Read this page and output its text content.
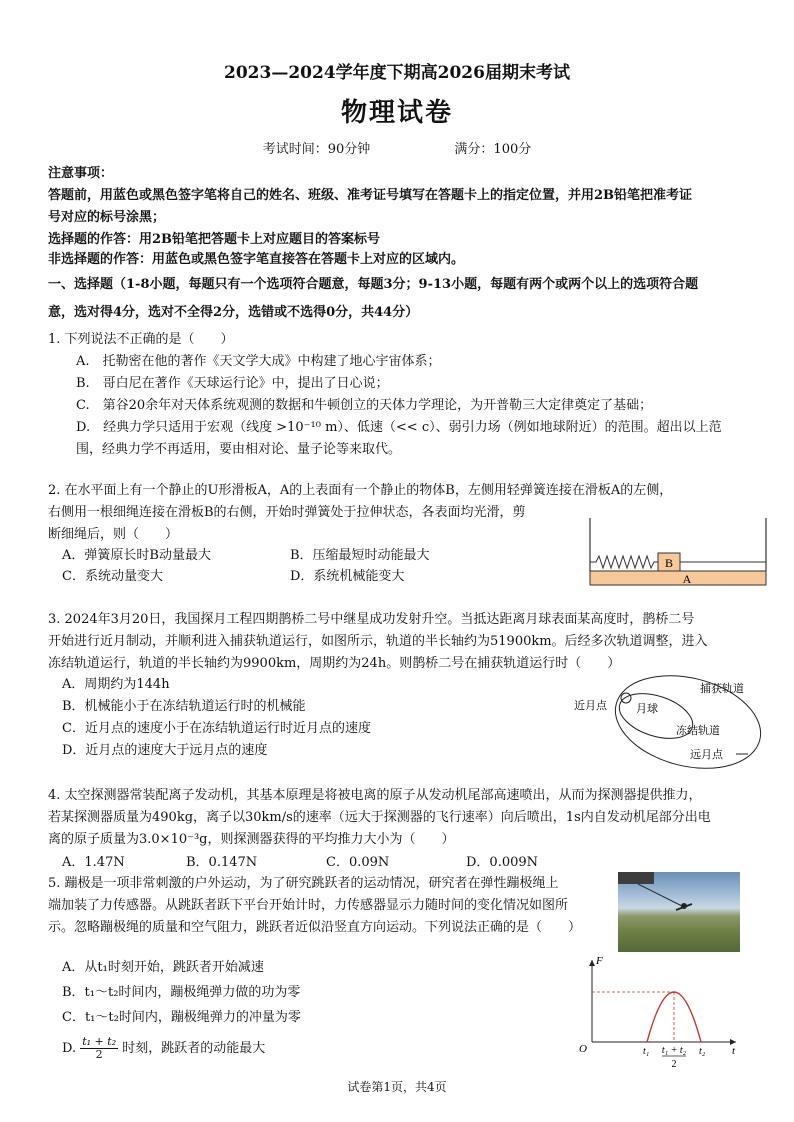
2023—2024学年度下期高2026届期末考试
物理试卷
考试时间：90分钟	满分：100分
注意事项：
答题前，用蓝色或黑色签字笔将自己的姓名、班级、准考证号填写在答题卡上的指定位置，并用2B铅笔把准考证
号对应的标号涂黑；
选择题的作答：用2B铅笔把答题卡上对应题目的答案标号
非选择题的作答：用蓝色或黑色签字笔直接答在答题卡上对应的区域内。
一、选择题（1-8小题，每题只有一个选项符合题意，每题3分；9-13小题，每题有两个或两个以上的选项符合题
意，选对得4分，选对不全得2分，选错或不选得0分，共44分）
1. 下列说法不正确的是（　　）
A.　托勒密在他的著作《天文学大成》中构建了地心宇宙体系；
B.　哥白尼在著作《天球运行论》中，提出了日心说；
C.　第谷20余年对天体系统观测的数据和牛顿创立的天体力学理论，为开普勒三大定律奠定了基础；
D.　经典力学只适用于宏观（线度 >10⁻¹⁰ m）、低速（<< c）、弱引力场（例如地球附近）的范围。超出以上范
围，经典力学不再适用，要由相对论、量子论等来取代。
2. 在水平面上有一个静止的U形滑板A，A的上表面有一个静止的物体B，左侧用轻弹簧连接在滑板A的左侧，
右侧用一根细绳连接在滑板B的右侧，开始时弹簧处于拉伸状态，各表面均光滑，剪
断细绳后，则（　　）
A．弹簧原长时B动量最大	B．压缩最短时动能最大
C．系统动量变大	D．系统机械能变大
B
A
3. 2024年3月20日，我国探月工程四期鹊桥二号中继星成功发射升空。当抵达距离月球表面某高度时，鹊桥二号
开始进行近月制动，并顺利进入捕获轨道运行，如图所示，轨道的半长轴约为51900km。后经多次轨道调整，进入
冻结轨道运行，轨道的半长轴约为9900km，周期约为24h。则鹊桥二号在捕获轨道运行时（　　）
A．周期约为144h
B．机械能小于在冻结轨道运行时的机械能
C．近月点的速度小于在冻结轨道运行时近月点的速度
D．近月点的速度大于远月点的速度
近月点	月球
捕获轨道
冻结轨道
远月点
4. 太空探测器常装配离子发动机，其基本原理是将被电离的原子从发动机尾部高速喷出，从而为探测器提供推力，
若某探测器质量为490kg，离子以30km/s的速率（远大于探测器的飞行速率）向后喷出，1s内自发动机尾部分出电
离的原子质量为3.0×10⁻³g，则探测器获得的平均推力大小为（　　）
A．1.47N	B．0.147N	C．0.09N	D．0.009N
5. 蹦极是一项非常刺激的户外运动，为了研究跳跃者的运动情况，研究者在弹性蹦极绳上
端加装了力传感器。从跳跃者跃下平台开始计时，力传感器显示力随时间的变化情况如图所
示。忽略蹦极绳的质量和空气阻力，跳跃者近似沿竖直方向运动。下列说法正确的是（　　）
A．从t₁时刻开始，跳跃者开始减速
B．t₁～t₂时间内，蹦极绳弹力做的功为零
C．t₁～t₂时间内，蹦极绳弹力的冲量为零
D. $\frac{\text{t₁ + t₂}}{2}$ 时刻，跳跃者的动能最大
F
O	t
t₁	t₂
t₁ + t₂
2
试卷第1页，共4页
